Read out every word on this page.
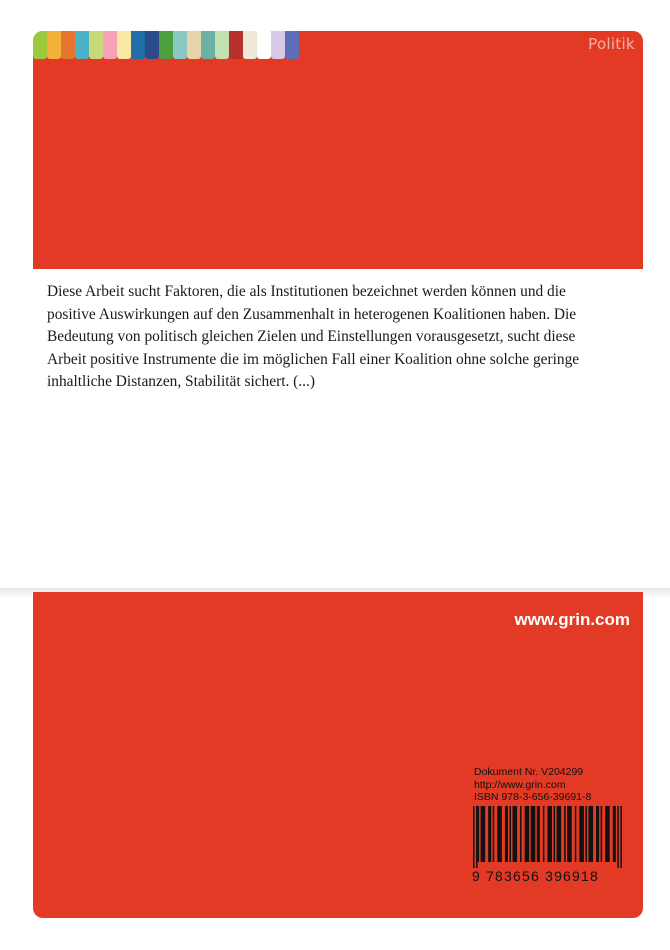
Politik

Diese Arbeit sucht Faktoren, die als Institutionen bezeichnet werden können und die positive Auswirkungen auf den Zusammenhalt in heterogenen Koalitionen haben. Die Bedeutung von politisch gleichen Zielen und Einstellungen vorausgesetzt, sucht diese Arbeit positive Instrumente die im möglichen Fall einer Koalition ohne solche geringe inhaltliche Distanzen, Stabilität sichert. (...)

www.grin.com
Dokument Nr. V204299
http://www.grin.com
ISBN 978-3-656-39691-8
9 783656 396918
